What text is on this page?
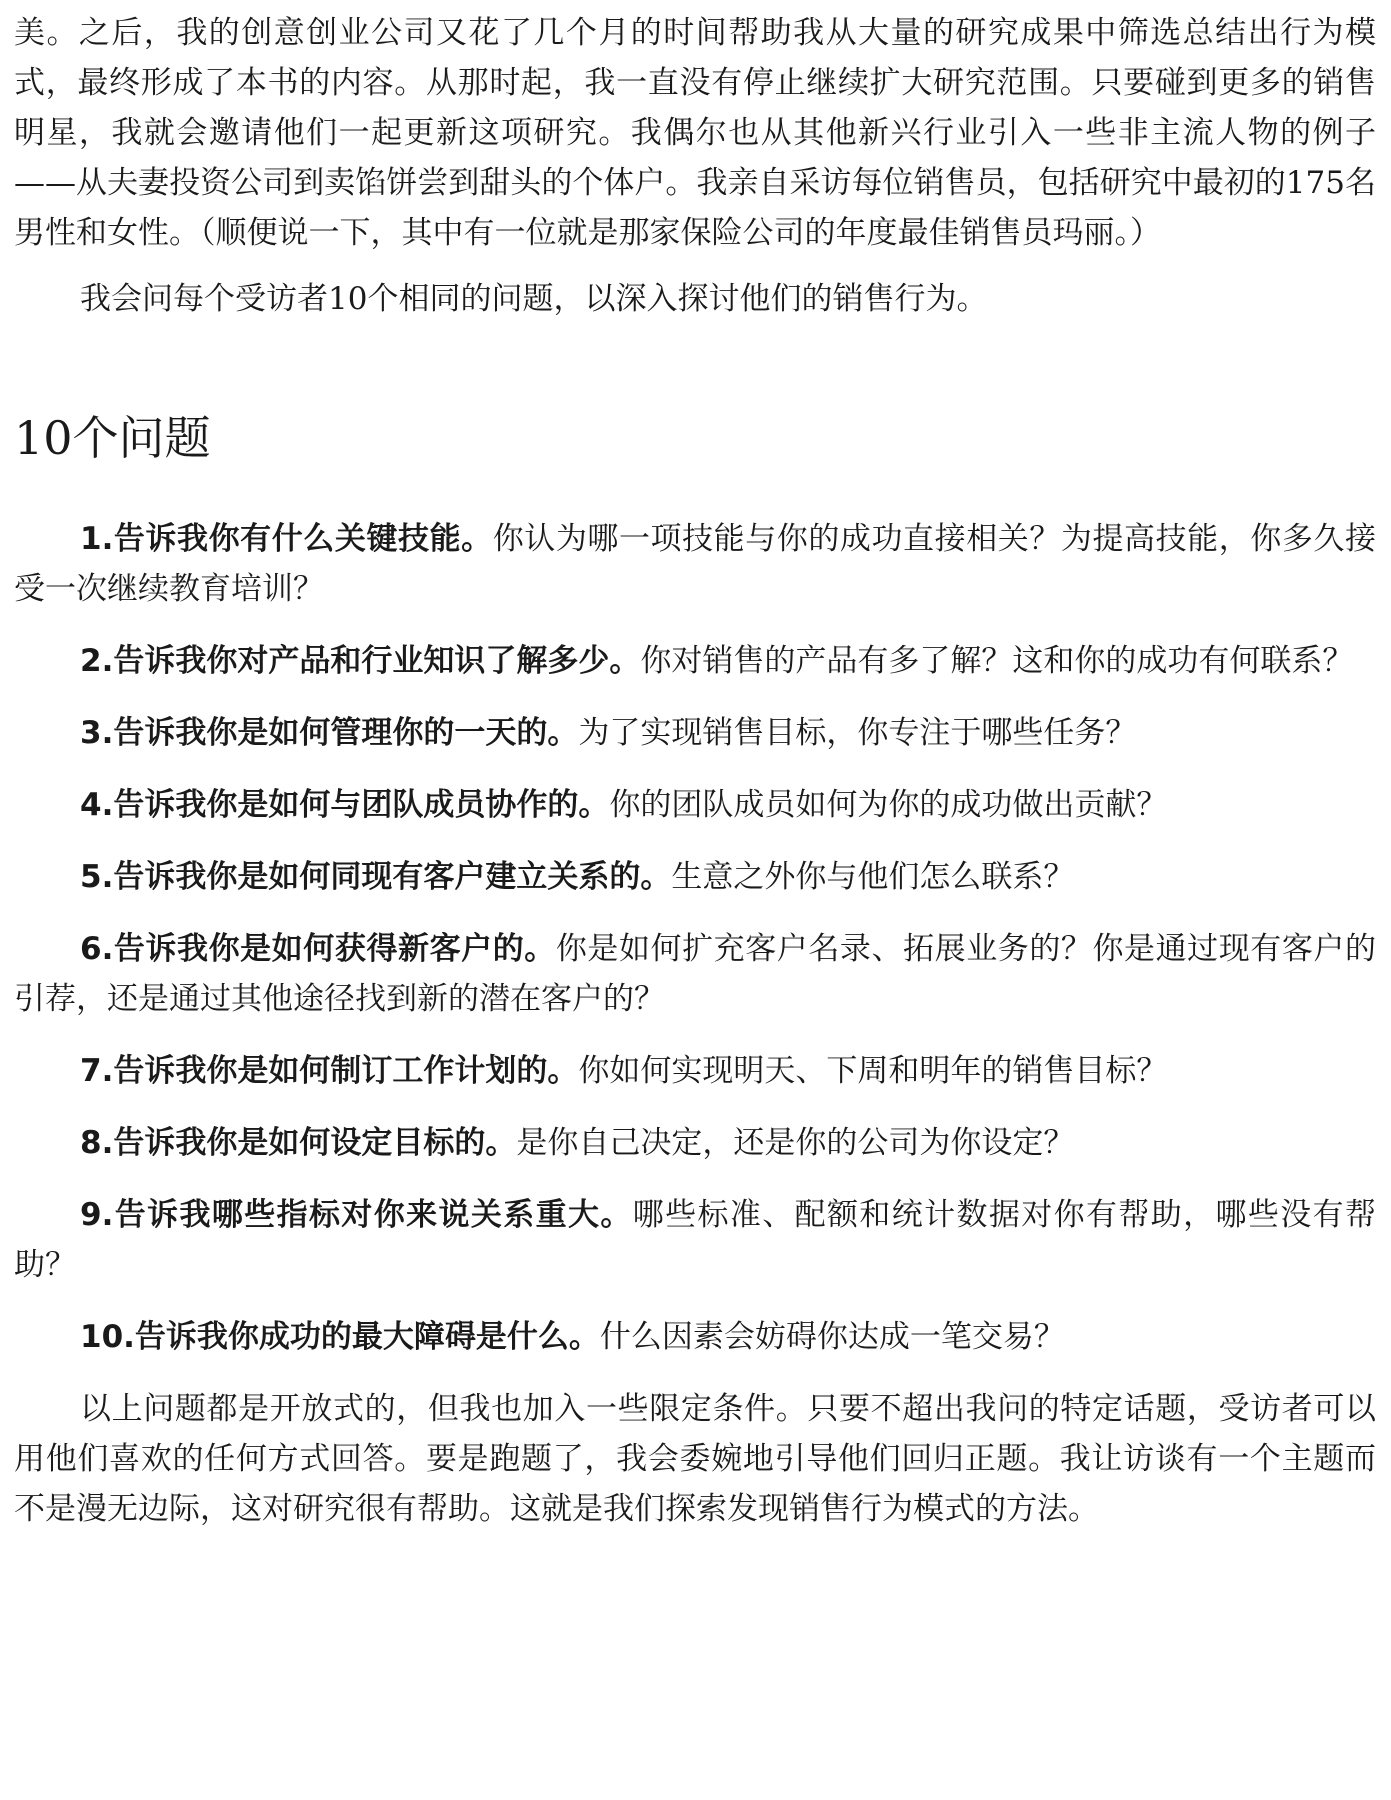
美。之后，我的创意创业公司又花了几个月的时间帮助我从大量的研究成果中筛选总结出行为模式，最终形成了本书的内容。从那时起，我一直没有停止继续扩大研究范围。只要碰到更多的销售明星，我就会邀请他们一起更新这项研究。我偶尔也从其他新兴行业引入一些非主流人物的例子——从夫妻投资公司到卖馅饼尝到甜头的个体户。我亲自采访每位销售员，包括研究中最初的175名男性和女性。（顺便说一下，其中有一位就是那家保险公司的年度最佳销售员玛丽。）

我会问每个受访者10个相同的问题，以深入探讨他们的销售行为。

10个问题
1.告诉我你有什么关键技能。你认为哪一项技能与你的成功直接相关？为提高技能，你多久接受一次继续教育培训？
2.告诉我你对产品和行业知识了解多少。你对销售的产品有多了解？这和你的成功有何联系？
3.告诉我你是如何管理你的一天的。为了实现销售目标，你专注于哪些任务？
4.告诉我你是如何与团队成员协作的。你的团队成员如何为你的成功做出贡献？
5.告诉我你是如何同现有客户建立关系的。生意之外你与他们怎么联系？
6.告诉我你是如何获得新客户的。你是如何扩充客户名录、拓展业务的？你是通过现有客户的引荐，还是通过其他途径找到新的潜在客户的？
7.告诉我你是如何制订工作计划的。你如何实现明天、下周和明年的销售目标？
8.告诉我你是如何设定目标的。是你自己决定，还是你的公司为你设定？
9.告诉我哪些指标对你来说关系重大。哪些标准、配额和统计数据对你有帮助，哪些没有帮助？
10.告诉我你成功的最大障碍是什么。什么因素会妨碍你达成一笔交易？

以上问题都是开放式的，但我也加入一些限定条件。只要不超出我问的特定话题，受访者可以用他们喜欢的任何方式回答。要是跑题了，我会委婉地引导他们回归正题。我让访谈有一个主题而不是漫无边际，这对研究很有帮助。这就是我们探索发现销售行为模式的方法。
